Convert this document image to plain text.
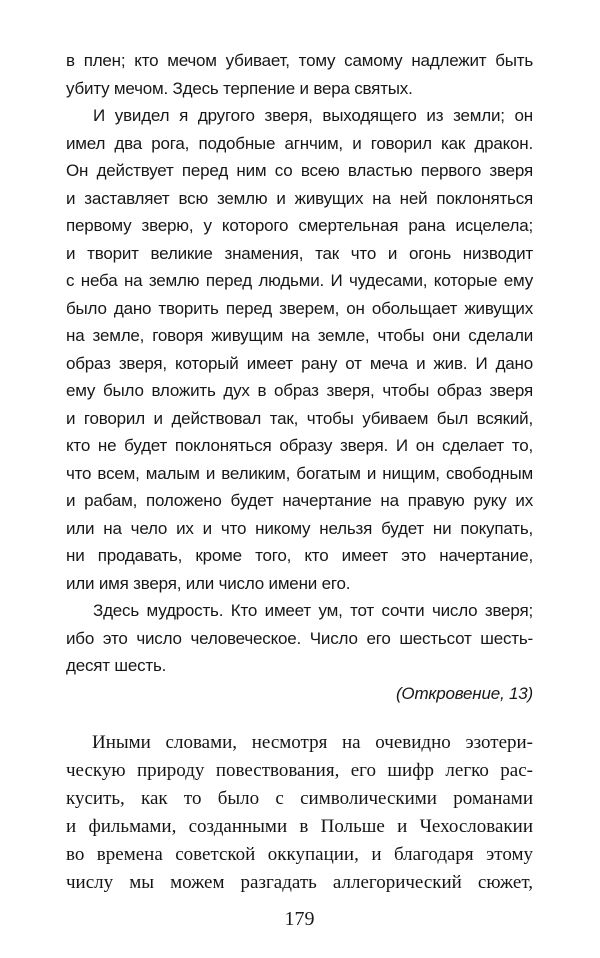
в плен; кто мечом убивает, тому самому надлежит быть
убиту мечом. Здесь терпение и вера святых.
И увидел я другого зверя, выходящего из земли; он
имел два рога, подобные агнчим, и говорил как дракон.
Он действует перед ним со всею властью первого зверя
и заставляет всю землю и живущих на ней поклоняться
первому зверю, у которого смертельная рана исцелела;
и творит великие знамения, так что и огонь низводит
с неба на землю перед людьми. И чудесами, которые ему
было дано творить перед зверем, он обольщает живущих
на земле, говоря живущим на земле, чтобы они сделали
образ зверя, который имеет рану от меча и жив. И дано
ему было вложить дух в образ зверя, чтобы образ зверя
и говорил и действовал так, чтобы убиваем был всякий,
кто не будет поклоняться образу зверя. И он сделает то,
что всем, малым и великим, богатым и нищим, свободным
и рабам, положено будет начертание на правую руку их
или на чело их и что никому нельзя будет ни покупать,
ни продавать, кроме того, кто имеет это начертание,
или имя зверя, или число имени его.
Здесь мудрость. Кто имеет ум, тот сочти число зверя;
ибо это число человеческое. Число его шестьсот шесть-
десят шесть.
(Откровение, 13)
Иными словами, несмотря на очевидно эзотери-
ческую природу повествования, его шифр легко рас-
кусить, как то было с символическими романами
и фильмами, созданными в Польше и Чехословакии
во времена советской оккупации, и благодаря этому
числу мы можем разгадать аллегорический сюжет,
179
